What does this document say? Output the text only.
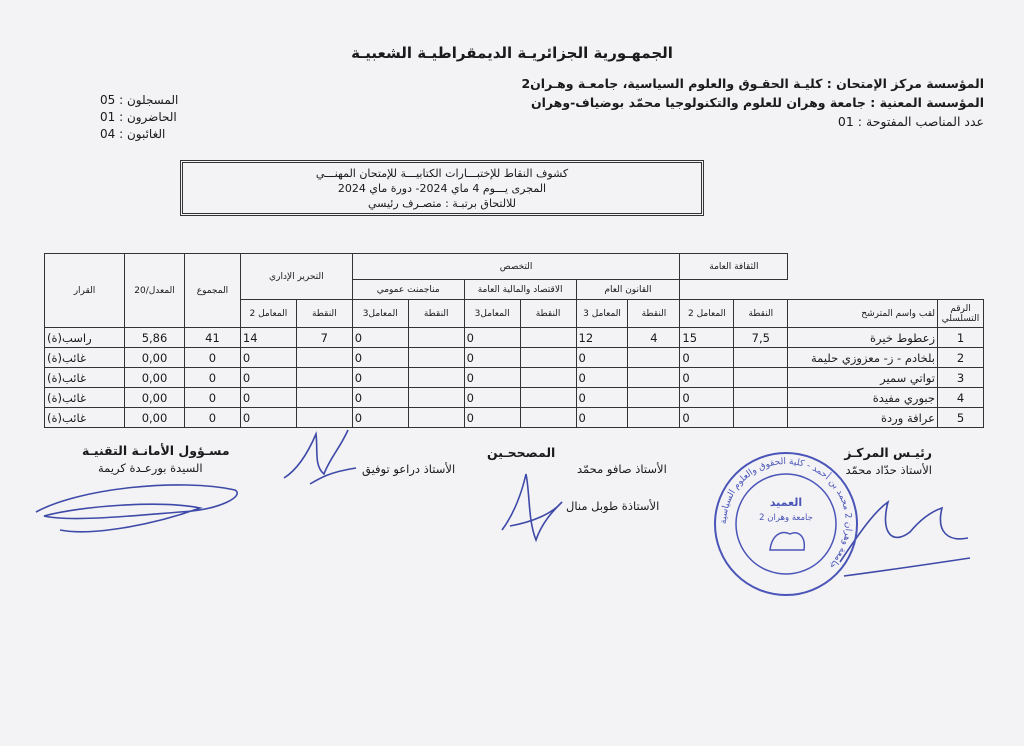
الجمهـورية الجزائريـة الديمقراطيـة الشعبيـة
المؤسسة مركز الإمتحان : كليـة الحقـوق والعلوم السياسية، جامعـة وهـران2
المؤسسة المعنية : جامعة وهران للعلوم والتكنولوجيا محمّد بوضياف-وهران
عدد المناصب المفتوحة : 01
المسجلون : 05
الحاضرون : 01
الغائبون : 04
كشوف النقاط للإختبـــارات الكتابيـــة للإمتحان المهنـــي
المجرى يـــوم 4 ماي 2024- دورة ماي 2024
للالتحاق برتبـة : متصـرف رئيسي
		الثقافة العامة		التخصص						التحرير الإداري		المجموع	المعدل/20	القرار
				القانون العام		الاقتصاد والمالية العامة		مناجمنت عمومي						
الرقم التسلسلي	لقب واسم المترشح	النقطة	المعامل 2	النقطة	المعامل 3	النقطة	المعامل3	النقطة	المعامل3	النقطة	المعامل 2			
1	زعطوط خيرة	7,5	15	4	12		0		0	7	14	41	5,86	راسب(ة)
2	بلخادم - ز- معزوزي حليمة		0		0		0		0		0	0	0,00	غائب(ة)
3	تواتي سمير		0		0		0		0		0	0	0,00	غائب(ة)
4	جبوري مفيدة		0		0		0		0		0	0	0,00	غائب(ة)
5	عرافة وردة		0		0		0		0		0	0	0,00	غائب(ة)
رئيـس المركـز
الأستاذ حدّاد محمّد
المصححـين
الأستاذ صافو محمّد
الأستاذ دراعو توفيق
الأستاذة طوبل منال
مسـؤول الأمانـة التقنيـة
السيدة بورعـدة كريمة
جامعة وهران 2 محمد بن أحمد - كلية الحقوق والعلوم السياسية
العميد
جامعة وهران 2
